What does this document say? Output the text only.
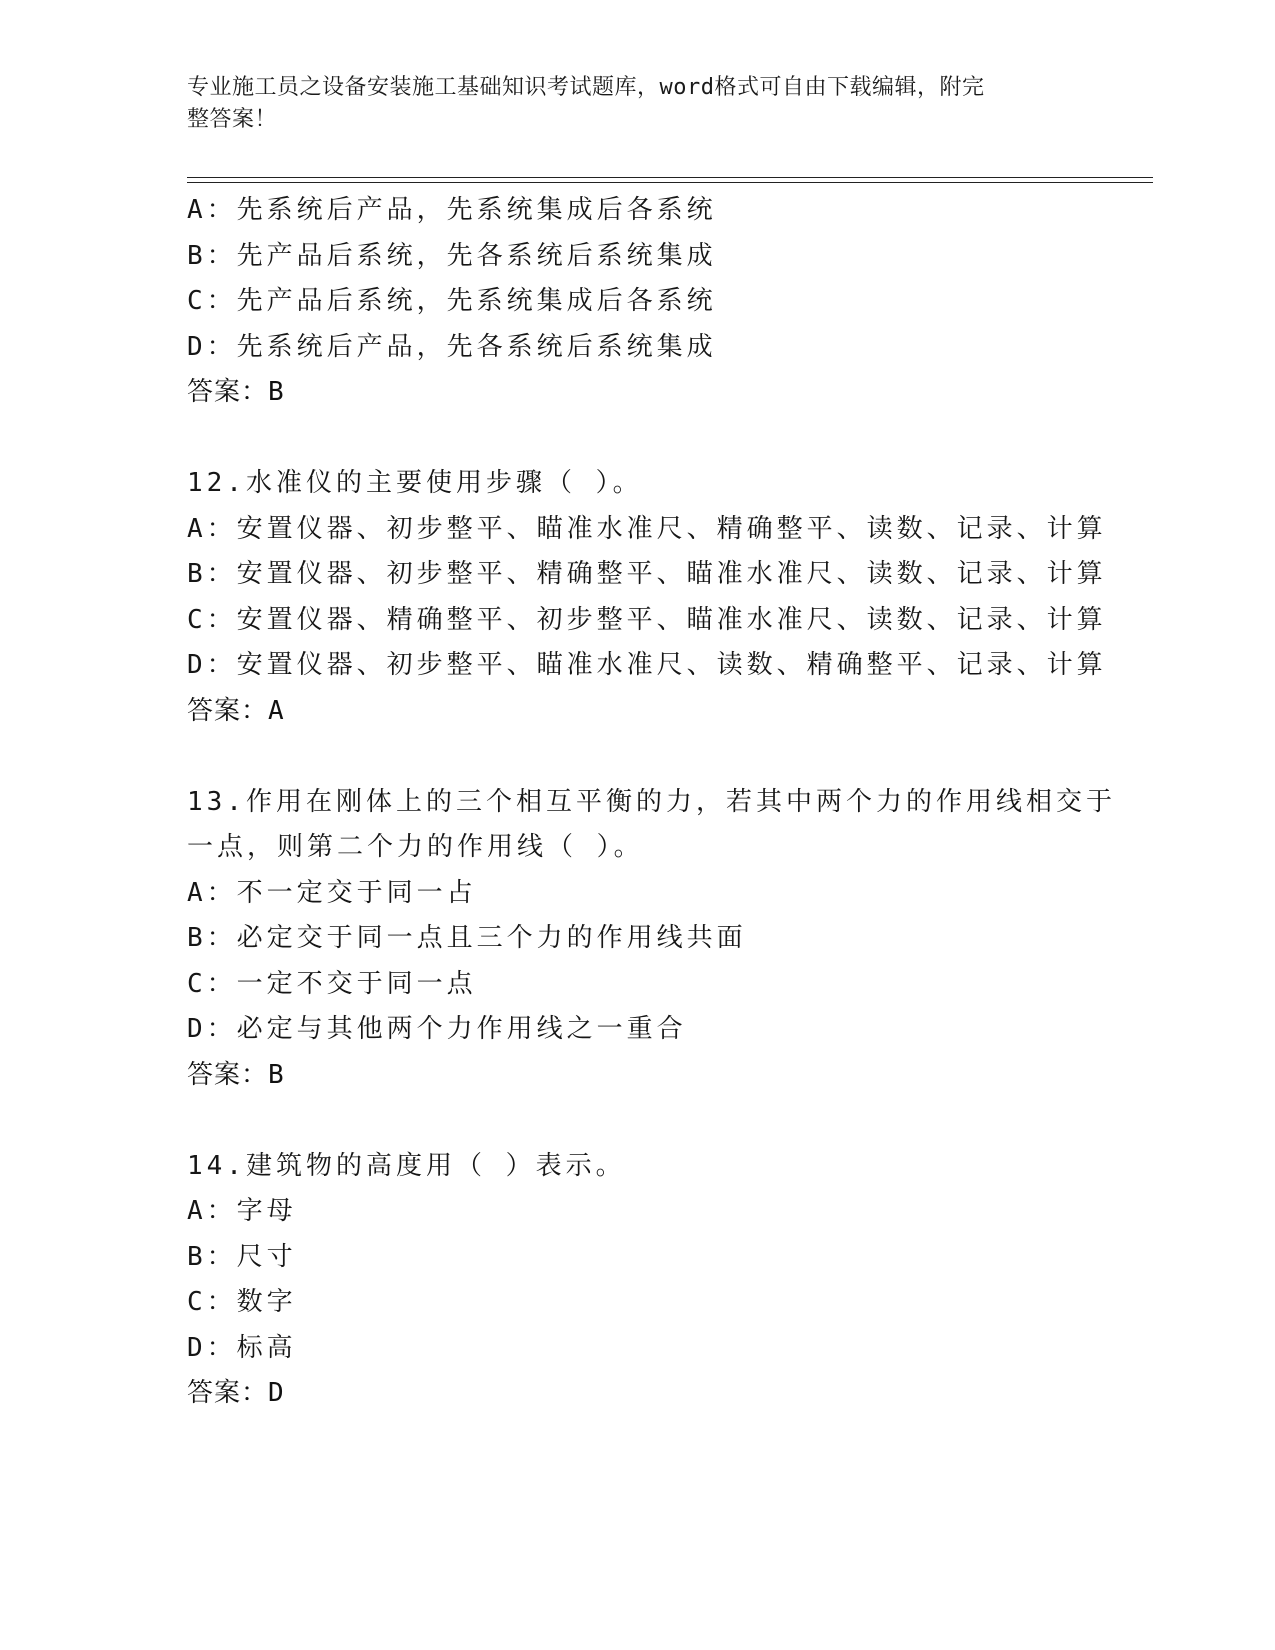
专业施工员之设备安装施工基础知识考试题库，word格式可自由下载编辑，附完
整答案！
A：先系统后产品，先系统集成后各系统
B：先产品后系统，先各系统后系统集成
C：先产品后系统，先系统集成后各系统
D：先系统后产品，先各系统后系统集成
答案：B
12.水准仪的主要使用步骤（ ）。
A：安置仪器、初步整平、瞄准水准尺、精确整平、读数、记录、计算
B：安置仪器、初步整平、精确整平、瞄准水准尺、读数、记录、计算
C：安置仪器、精确整平、初步整平、瞄准水准尺、读数、记录、计算
D：安置仪器、初步整平、瞄准水准尺、读数、精确整平、记录、计算
答案：A
13.作用在刚体上的三个相互平衡的力，若其中两个力的作用线相交于
一点，则第二个力的作用线（ ）。
A：不一定交于同一占
B：必定交于同一点且三个力的作用线共面
C：一定不交于同一点
D：必定与其他两个力作用线之一重合
答案：B
14.建筑物的高度用（ ）表示。
A：字母
B：尺寸
C：数字
D：标高
答案：D
